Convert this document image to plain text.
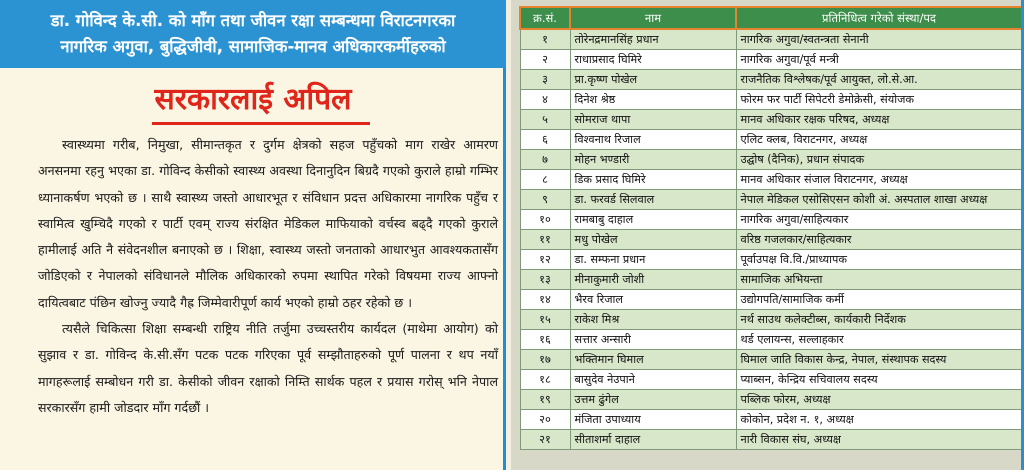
डा. गोविन्द के.सी. को माँग तथा जीवन रक्षा सम्बन्धमा विराटनगरका
नागरिक अगुवा, बुद्धिजीवी, सामाजिक-मानव अधिकारकर्मीहरुको
सरकारलाई अपिल

स्वास्थ्यमा गरीब, निमुखा, सीमान्तकृत र दुर्गम क्षेत्रको सहज पहुँचको माग राखेर आमरण अनसनमा रहनु भएका डा. गोविन्द केसीको स्वास्थ्य अवस्था दिनानुदिन बिग्रदै गएको कुराले हाम्रो गम्भिर ध्यानाकर्षण भएको छ । साथै स्वास्थ्य जस्तो आधारभूत र संविधान प्रदत्त अधिकारमा नागरिक पहुँच र स्वामित्व खुम्चिदै गएको र पार्टी एवम् राज्य संरक्षित मेडिकल माफियाको वर्चस्व बढ्दै गएको कुराले हामीलाई अति नै संवेदनशील बनाएको छ । शिक्षा, स्वास्थ्य जस्तो जनताको आधारभुत आवश्यकतासँग जोडिएको र नेपालको संविधानले मौलिक अधिकारको रुपमा स्थापित गरेको विषयमा राज्य आफ्नो दायित्वबाट पंछिन खोज्नु ज्यादै गैह्र जिम्मेवारीपूर्ण कार्य भएको हाम्रो ठहर रहेको छ ।

त्यसैले चिकित्सा शिक्षा सम्बन्धी राष्ट्रिय नीति तर्जुमा उच्चस्तरीय कार्यदल (माथेमा आयोग) को सुझाव र डा. गोविन्द के.सी.सँग पटक पटक गरिएका पूर्व सम्झौताहरुको पूर्ण पालना र थप नयाँ मागहरूलाई सम्बोधन गरी डा. केसीको जीवन रक्षाको निम्ति सार्थक पहल र प्रयास गरोस् भनि नेपाल सरकारसँग हामी जोडदार माँग गर्दछौं ।

क्र.सं.	नाम	प्रतिनिधित्व गरेको संस्था/पद
१	तोरेनद्रमानसिंह प्रधान	नागरिक अगुवा/स्वतन्त्रता सेनानी
२	राधाप्रसाद घिमिरे	नागरिक अगुवा/पूर्व मन्त्री
३	प्रा.कृष्ण पोखेल	राजनैतिक विश्लेषक/पूर्व आयुक्त, लो.से.आ.
४	दिनेश श्रेष्ठ	फोरम फर पार्टी सिपेटरी डेमोक्रेसी, संयोजक
५	सोमराज थापा	मानव अधिकार रक्षक परिषद, अध्यक्ष
६	विश्वनाथ रिजाल	एलिट क्लब, विराटनगर, अध्यक्ष
७	मोहन भण्डारी	उद्घोष (दैनिक), प्रधान संपादक
८	डिक प्रसाद घिमिरे	मानव अधिकार संजाल विराटनगर, अध्यक्ष
९	डा. फरवर्ड सिलवाल	नेपाल मेडिकल एसोसिएसन कोशी अं. अस्पताल शाखा अध्यक्ष
१०	रामबाबु दाहाल	नागरिक अगुवा/साहित्यकार
११	मधु पोखेल	वरिष्ठ गजलकार/साहित्यकार
१२	डा. सम्फना प्रधान	पूर्वाउपक्ष वि.वि./प्राध्यापक
१३	मीनाकुमारी जोशी	सामाजिक अभियन्ता
१४	भैरव रिजाल	उद्योगपति/सामाजिक कर्मी
१५	राकेश मिश्र	नर्थ साउथ कलेक्टीब्स, कार्यकारी निर्देशक
१६	सत्तार अन्सारी	थर्ड एलायन्स, सल्लाहकार
१७	भक्तिमान घिमाल	घिमाल जाति विकास केन्द्र, नेपाल, संस्थापक सदस्य
१८	बासुदेव नेउपाने	प्याब्सन, केन्द्रिय सचिवालय सदस्य
१९	उत्तम ढुंगेल	पब्लिक फोरम, अध्यक्ष
२०	मंजिता उपाध्याय	कोकोन, प्रदेश न. १, अध्यक्ष
२१	सीताशर्मा दाहाल	नारी विकास संघ, अध्यक्ष
